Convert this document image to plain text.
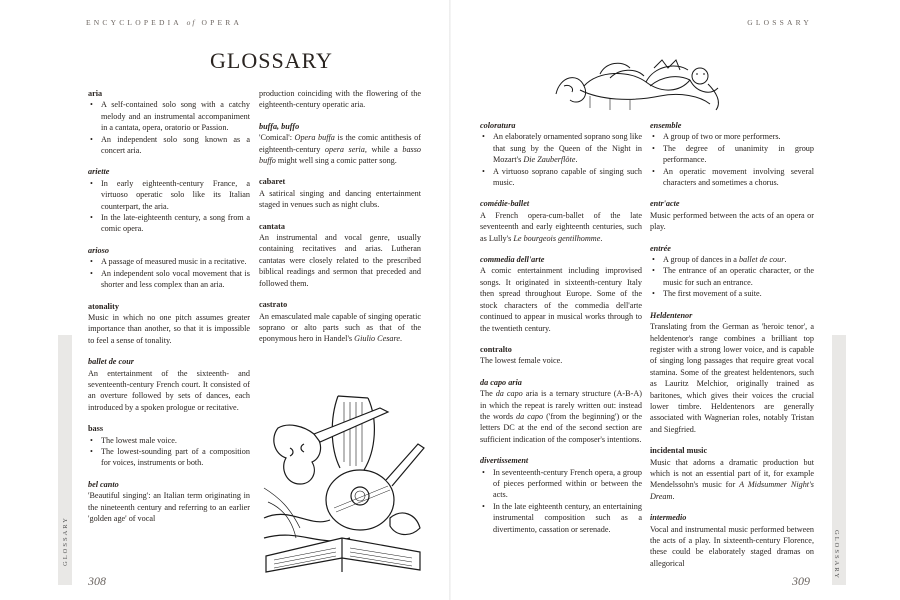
ENCYCLOPEDIA of OPERA
GLOSSARY
aria
• A self-contained solo song with a catchy melody and an instrumental accompaniment in a cantata, opera, oratorio or Passion.
• An independent solo song known as a concert aria.
ariette
• In early eighteenth-century France, a virtuoso operatic solo like its Italian counterpart, the aria.
• In the late-eighteenth century, a song from a comic opera.
arioso
• A passage of measured music in a recitative.
• An independent solo vocal movement that is shorter and less complex than an aria.
atonality

Music in which no one pitch assumes greater importance than another, so that it is impossible to feel a sense of tonality.

ballet de cour

An entertainment of the sixteenth- and seventeenth-century French court. It consisted of an overture followed by sets of dances, each introduced by a spoken prologue or recitative.

bass
• The lowest male voice.
• The lowest-sounding part of a composition for voices, instruments or both.
bel canto

'Beautiful singing': an Italian term originating in the nineteenth century and referring to an earlier 'golden age' of vocal

production coinciding with the flowering of the eighteenth-century operatic aria.

buffa, buffo

'Comical': Opera buffa is the comic antithesis of eighteenth-century opera seria, while a basso buffo might well sing a comic patter song.

cabaret

A satirical singing and dancing entertainment staged in venues such as night clubs.

cantata

An instrumental and vocal genre, usually containing recitatives and arias. Lutheran cantatas were closely related to the prescribed biblical readings and sermon that preceded and followed them.

castrato

An emasculated male capable of singing operatic soprano or alto parts such as that of the eponymous hero in Handel's Giulio Cesare.

GLOSSARY
308
GLOSSARY
coloratura
• An elaborately ornamented soprano song like that sung by the Queen of the Night in Mozart's Die Zauberflöte.
• A virtuoso soprano capable of singing such music.
comédie-ballet

A French opera-cum-ballet of the late seventeenth and early eighteenth centuries, such as Lully's Le bourgeois gentilhomme.

commedia dell'arte

A comic entertainment including improvised songs. It originated in sixteenth-century Italy then spread throughout Europe. Some of the stock characters of the commedia dell'arte continued to appear in musical works through to the twentieth century.

contralto

The lowest female voice.

da capo aria

The da capo aria is a ternary structure (A-B-A) in which the repeat is rarely written out: instead the words da capo ('from the beginning') or the letters DC at the end of the second section are sufficient indication of the composer's intentions.

divertissement
• In seventeenth-century French opera, a group of pieces performed within or between the acts.
• In the late eighteenth century, an entertaining instrumental composition such as a divertimento, cassation or serenade.
ensemble
• A group of two or more performers.
• The degree of unanimity in group performance.
• An operatic movement involving several characters and sometimes a chorus.
entr'acte

Music performed between the acts of an opera or play.

entrée
• A group of dances in a ballet de cour.
• The entrance of an operatic character, or the music for such an entrance.
• The first movement of a suite.
Heldentenor

Translating from the German as 'heroic tenor', a heldentenor's range combines a brilliant top register with a strong lower voice, and is capable of singing long passages that require great vocal stamina. Some of the greatest heldentenors, such as Lauritz Melchior, originally trained as baritones, which gives their voices the crucial lower timbre. Heldentenors are generally associated with Wagnerian roles, notably Tristan and Siegfried.

incidental music

Music that adorns a dramatic production but which is not an essential part of it, for example Mendelssohn's music for A Midsummer Night's Dream.

intermedio

Vocal and instrumental music performed between the acts of a play. In sixteenth-century Florence, these could be elaborately staged dramas on allegorical	GLOSSARY
309
